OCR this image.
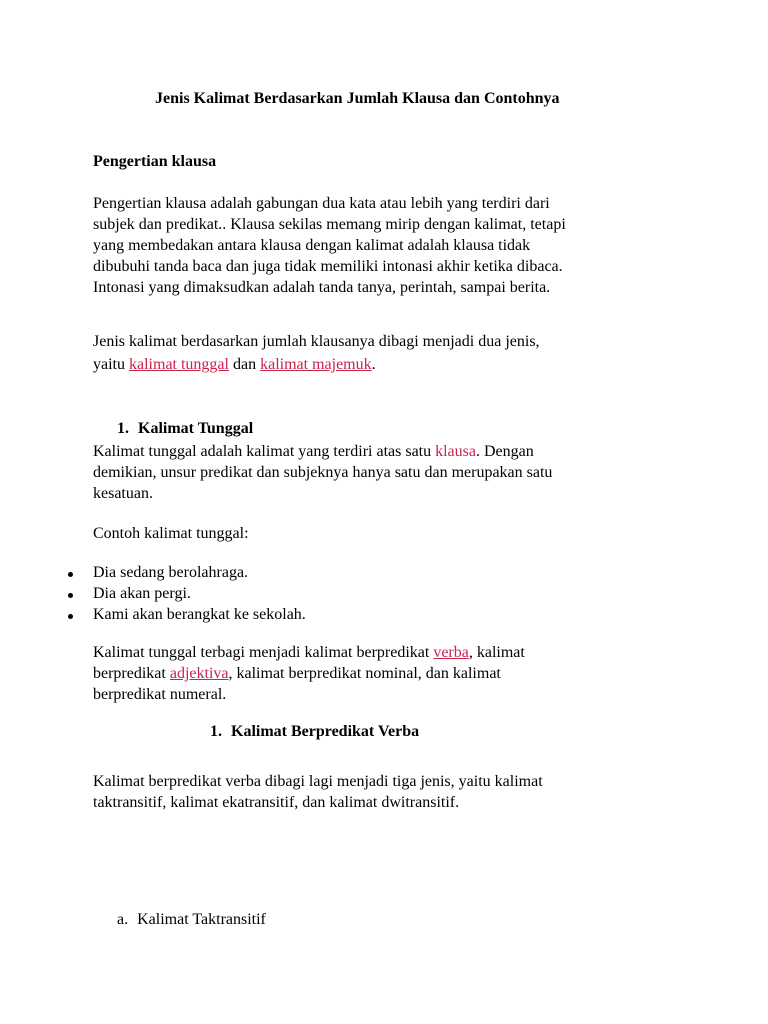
Jenis Kalimat Berdasarkan Jumlah Klausa dan Contohnya
Pengertian klausa
Pengertian klausa adalah gabungan dua kata atau lebih yang terdiri dari
subjek dan predikat.. Klausa sekilas memang mirip dengan kalimat, tetapi
yang membedakan antara klausa dengan kalimat adalah klausa tidak
dibubuhi tanda baca dan juga tidak memiliki intonasi akhir ketika dibaca.
Intonasi yang dimaksudkan adalah tanda tanya, perintah, sampai berita.
Jenis kalimat berdasarkan jumlah klausanya dibagi menjadi dua jenis,
yaitu kalimat tunggal dan kalimat majemuk.
1. Kalimat Tunggal
Kalimat tunggal adalah kalimat yang terdiri atas satu klausa. Dengan
demikian, unsur predikat dan subjeknya hanya satu dan merupakan satu
kesatuan.
Contoh kalimat tunggal:
Dia sedang berolahraga.
Dia akan pergi.
Kami akan berangkat ke sekolah.
Kalimat tunggal terbagi menjadi kalimat berpredikat verba, kalimat
berpredikat adjektiva, kalimat berpredikat nominal, dan kalimat
berpredikat numeral.
1. Kalimat Berpredikat Verba
Kalimat berpredikat verba dibagi lagi menjadi tiga jenis, yaitu kalimat
taktransitif, kalimat ekatransitif, dan kalimat dwitransitif.
a. Kalimat Taktransitif
